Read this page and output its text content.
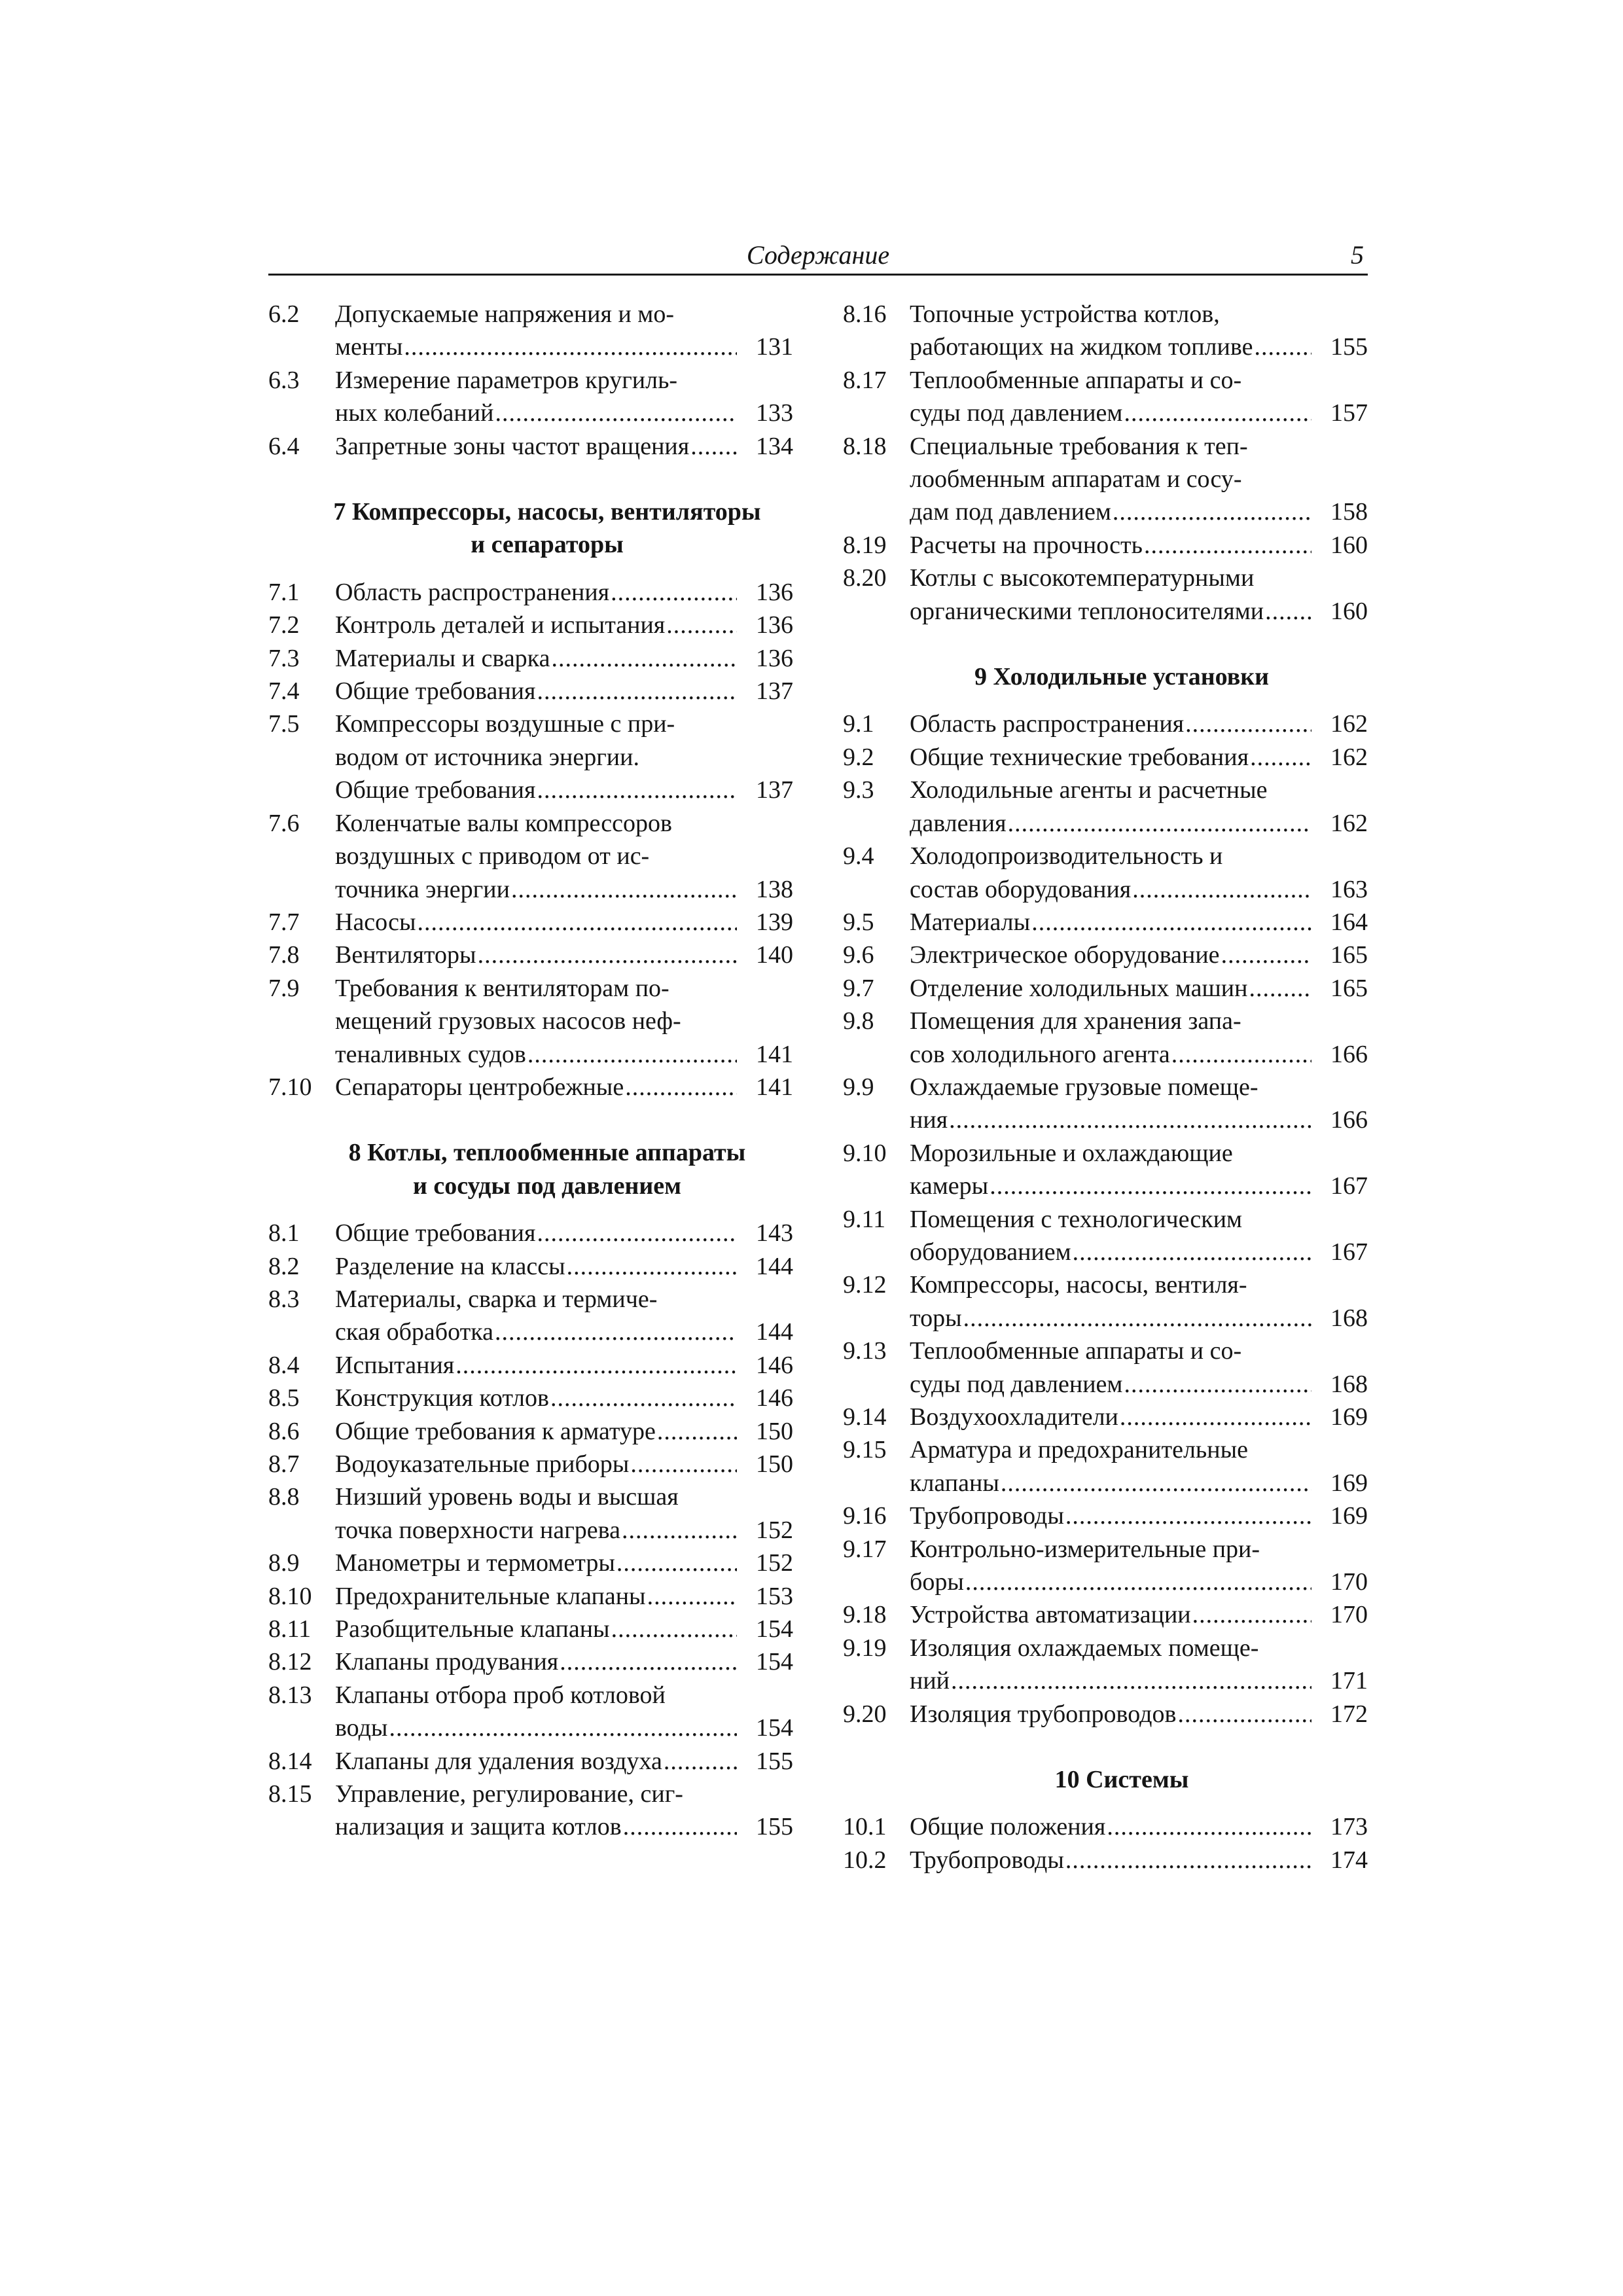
Содержание	5
6.2 Допускаемые напряжения и мо-
менты .....	131
6.3 Измерение параметров кругиль-
ных колебаний .....	133
6.4 Запретные зоны частот вращения .....	134
7 Компрессоры, насосы, вентиляторы
и сепараторы
7.1 Область распространения .....	136
7.2 Контроль деталей и испытания .....	136
7.3 Материалы и сварка .....	136
7.4 Общие требования .....	137
7.5 Компрессоры воздушные с при-
водом от источника энергии.
Общие требования .....	137
7.6 Коленчатые валы компрессоров
воздушных с приводом от ис-
точника энергии .....	138
7.7 Насосы .....	139
7.8 Вентиляторы .....	140
7.9 Требования к вентиляторам по-
мещений грузовых насосов неф-
теналивных судов .....	141
7.10 Сепараторы центробежные .....	141
8 Котлы, теплообменные аппараты
и сосуды под давлением
8.1 Общие требования .....	143
8.2 Разделение на классы .....	144
8.3 Материалы, сварка и термиче-
ская обработка .....	144
8.4 Испытания .....	146
8.5 Конструкция котлов .....	146
8.6 Общие требования к арматуре .....	150
8.7 Водоуказательные приборы .....	150
8.8 Низший уровень воды и высшая
точка поверхности нагрева .....	152
8.9 Манометры и термометры .....	152
8.10 Предохранительные клапаны .....	153
8.11 Разобщительные клапаны .....	154
8.12 Клапаны продувания .....	154
8.13 Клапаны отбора проб котловой
воды .....	154
8.14 Клапаны для удаления воздуха .....	155
8.15 Управление, регулирование, сиг-
нализация и защита котлов .....	155
8.16 Топочные устройства котлов,
работающих на жидком топливе .....	155
8.17 Теплообменные аппараты и со-
суды под давлением .....	157
8.18 Специальные требования к теп-
лообменным аппаратам и сосу-
дам под давлением .....	158
8.19 Расчеты на прочность .....	160
8.20 Котлы с высокотемпературными
органическими теплоносителями .....	160
9 Холодильные установки
9.1 Область распространения .....	162
9.2 Общие технические требования .....	162
9.3 Холодильные агенты и расчетные
давления .....	162
9.4 Холодопроизводительность и
состав оборудования .....	163
9.5 Материалы .....	164
9.6 Электрическое оборудование .....	165
9.7 Отделение холодильных машин .....	165
9.8 Помещения для хранения запа-
сов холодильного агента .....	166
9.9 Охлаждаемые грузовые помеще-
ния .....	166
9.10 Морозильные и охлаждающие
камеры .....	167
9.11 Помещения с технологическим
оборудованием .....	167
9.12 Компрессоры, насосы, вентиля-
торы .....	168
9.13 Теплообменные аппараты и со-
суды под давлением .....	168
9.14 Воздухоохладители .....	169
9.15 Арматура и предохранительные
клапаны .....	169
9.16 Трубопроводы .....	169
9.17 Контрольно-измерительные при-
боры .....	170
9.18 Устройства автоматизации .....	170
9.19 Изоляция охлаждаемых помеще-
ний .....	171
9.20 Изоляция трубопроводов .....	172
10 Системы
10.1 Общие положения .....	173
10.2 Трубопроводы .....	174
